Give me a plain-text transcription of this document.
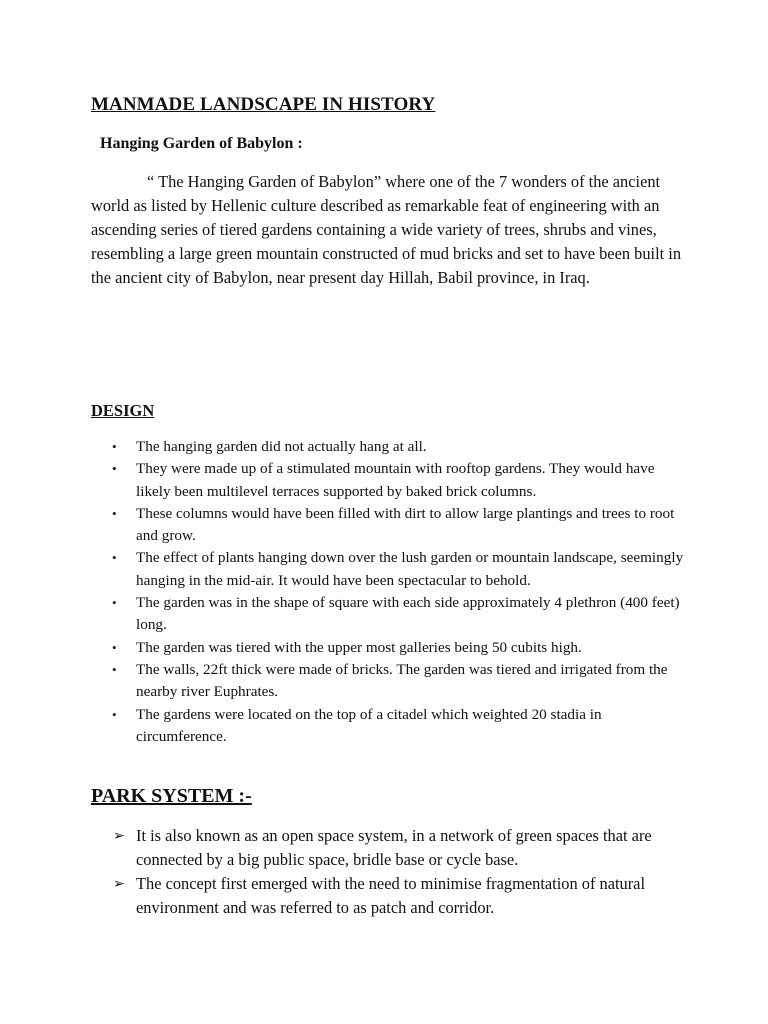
MANMADE LANDSCAPE IN HISTORY
Hanging Garden of Babylon :

“ The Hanging Garden of Babylon” where one of the 7 wonders of the ancient world as listed by Hellenic culture described as remarkable feat of engineering with an ascending series of tiered gardens containing a wide variety of trees, shrubs and vines, resembling a large green mountain constructed of mud bricks and set to have been built in the ancient city of Babylon, near present day Hillah, Babil province, in Iraq.

DESIGN
• The hanging garden did not actually hang at all.
• They were made up of a stimulated mountain with rooftop gardens. They would have likely been multilevel terraces supported by baked brick columns.
• These columns would have been filled with dirt to allow large plantings and trees to root and grow.
• The effect of plants hanging down over the lush garden or mountain landscape, seemingly hanging in the mid-air. It would have been spectacular to behold.
• The garden was in the shape of square with each side approximately 4 plethron (400 feet) long.
• The garden was tiered with the upper most galleries being 50 cubits high.
• The walls, 22ft thick were made of bricks. The garden was tiered and irrigated from the nearby river Euphrates.
• The gardens were located on the top of a citadel which weighted 20 stadia in circumference.
PARK SYSTEM :-
➢ It is also known as an open space system, in a network of green spaces that are connected by a big public space, bridle base or cycle base.
➢ The concept first emerged with the need to minimise fragmentation of natural environment and was referred to as patch and corridor.
